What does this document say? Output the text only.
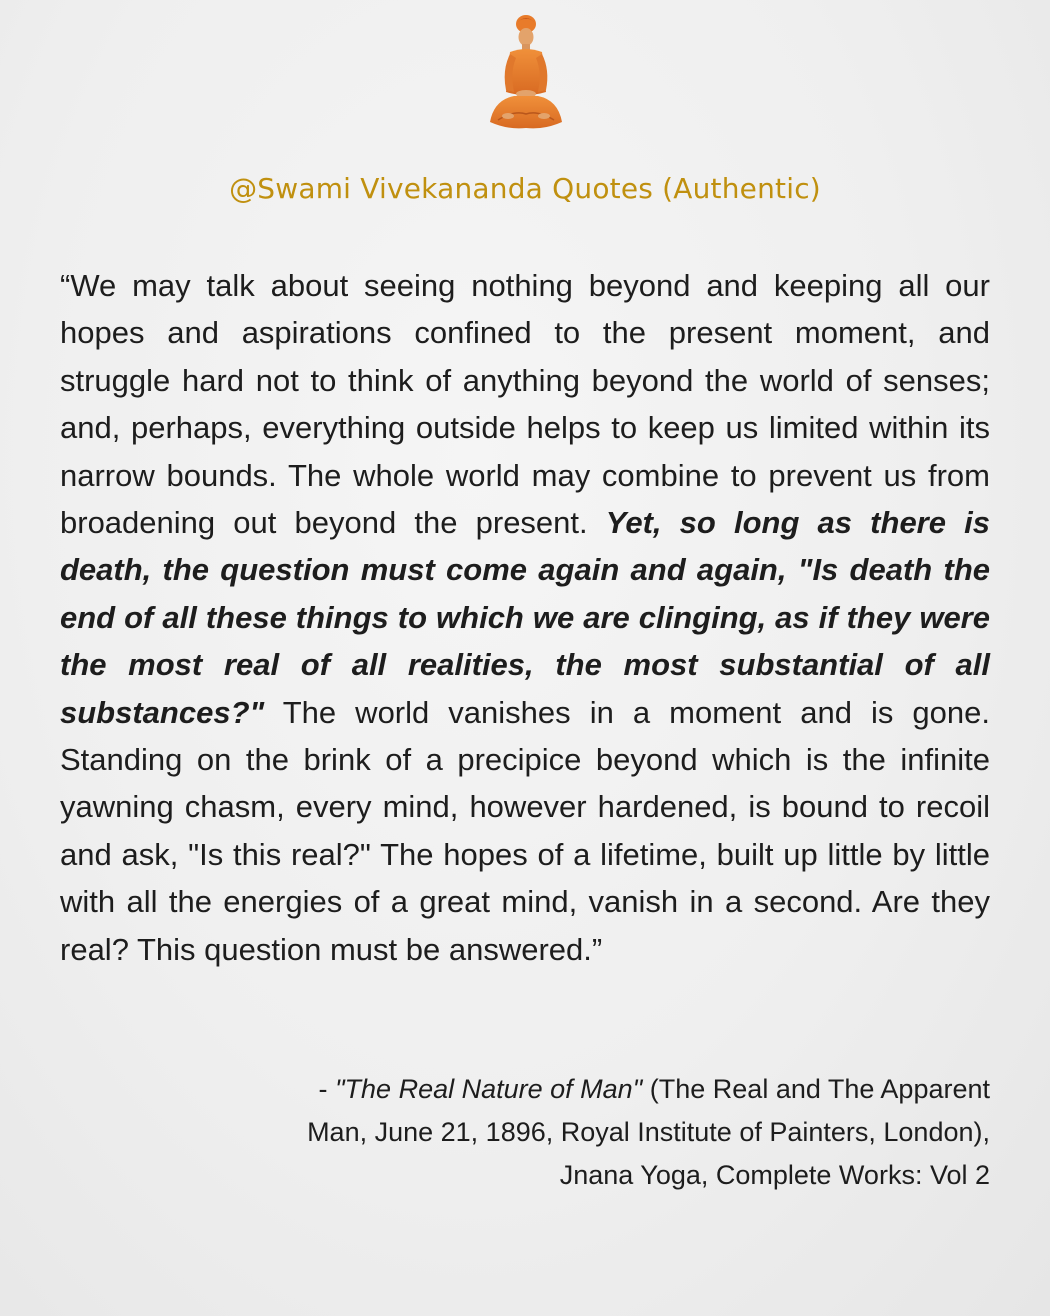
@Swami Vivekananda Quotes (Authentic)

“We may talk about seeing nothing beyond and keeping all our hopes and aspirations confined to the present moment, and struggle hard not to think of anything beyond the world of senses; and, perhaps, everything outside helps to keep us limited within its narrow bounds. The whole world may combine to prevent us from broadening out beyond the present. Yet, so long as there is death, the question must come again and again, "Is death the end of all these things to which we are clinging, as if they were the most real of all realities, the most substantial of all substances?" The world vanishes in a moment and is gone. Standing on the brink of a precipice beyond which is the infinite yawning chasm, every mind, however hardened, is bound to recoil and ask, "Is this real?" The hopes of a lifetime, built up little by little with all the energies of a great mind, vanish in a second. Are they real? This question must be answered.”

- "The Real Nature of Man" (The Real and The Apparent
Man, June 21, 1896, Royal Institute of Painters, London),
Jnana Yoga, Complete Works: Vol 2
